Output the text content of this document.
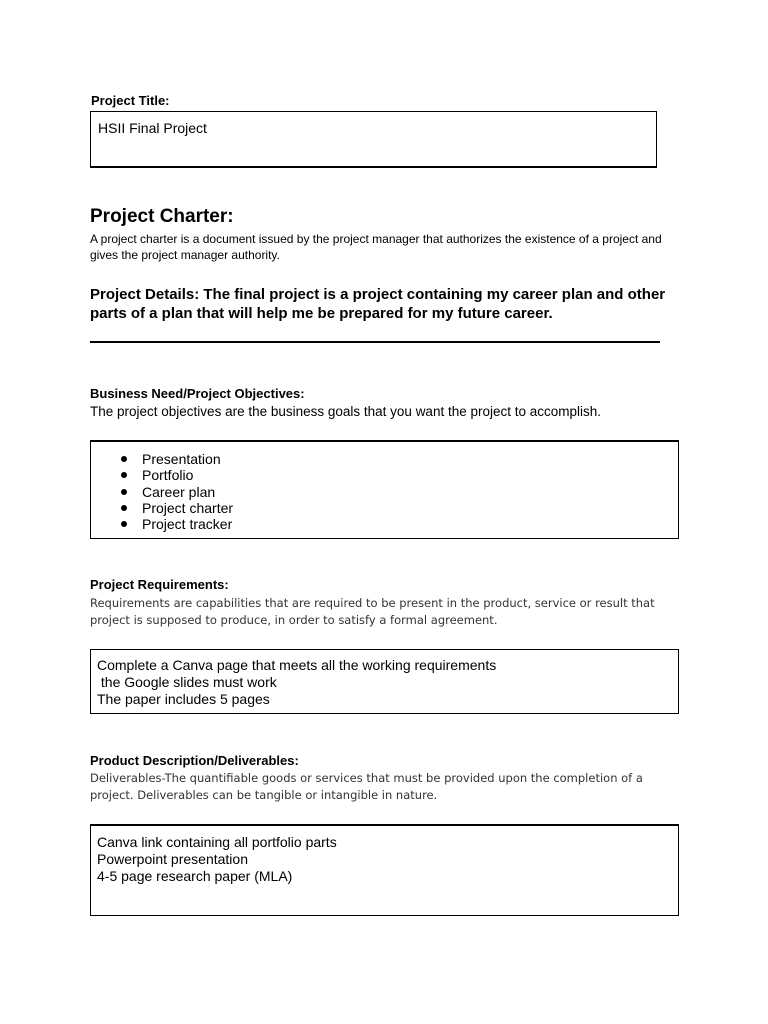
Project Title:
HSII Final Project
Project Charter:
A project charter is a document issued by the project manager that authorizes the existence of a project and gives the project manager authority.
Project Details: The final project is a project containing my career plan and other
parts of a plan that will help me be prepared for my future career.
Business Need/Project Objectives:
The project objectives are the business goals that you want the project to accomplish.
Presentation
Portfolio
Career plan
Project charter
Project tracker
Project Requirements:
Requirements are capabilities that are required to be present in the product, service or result that project is supposed to produce, in order to satisfy a formal agreement.
Complete a Canva page that meets all the working requirements
the Google slides must work
The paper includes 5 pages
Product Description/Deliverables:
Deliverables-The quantifiable goods or services that must be provided upon the completion of a project. Deliverables can be tangible or intangible in nature.
Canva link containing all portfolio parts
Powerpoint presentation
4-5 page research paper (MLA)
